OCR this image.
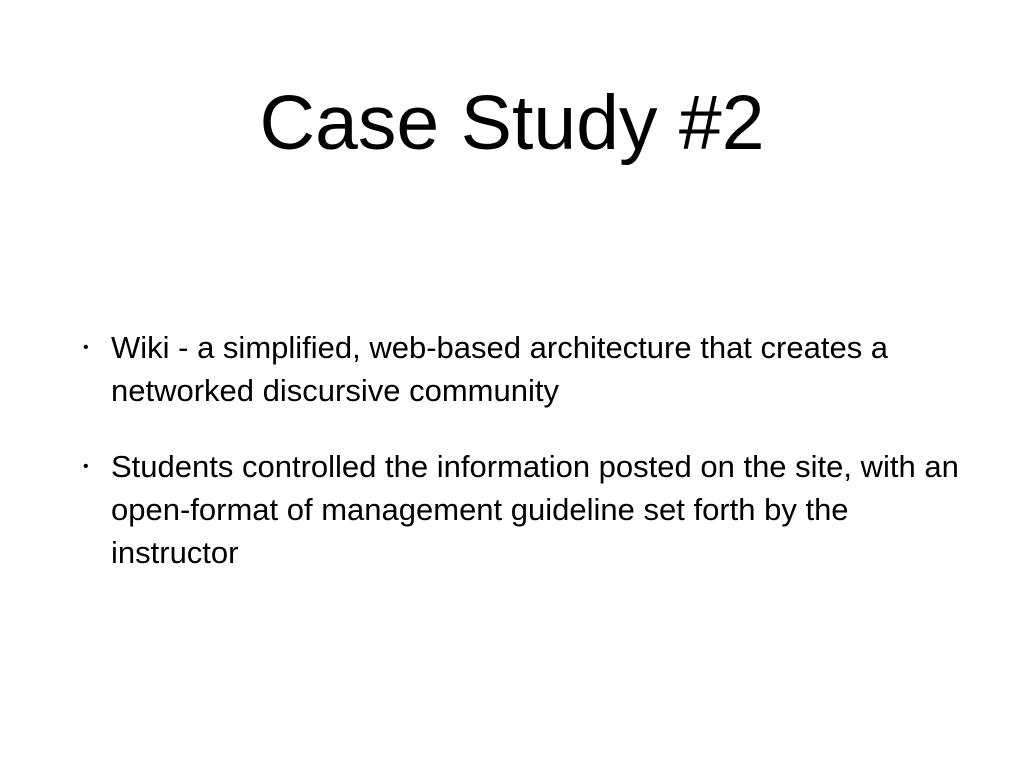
Case Study #2
• Wiki - a simplified, web-based architecture that creates a networked discursive community
• Students controlled the information posted on the site, with an open-format of management guideline set forth by the instructor
